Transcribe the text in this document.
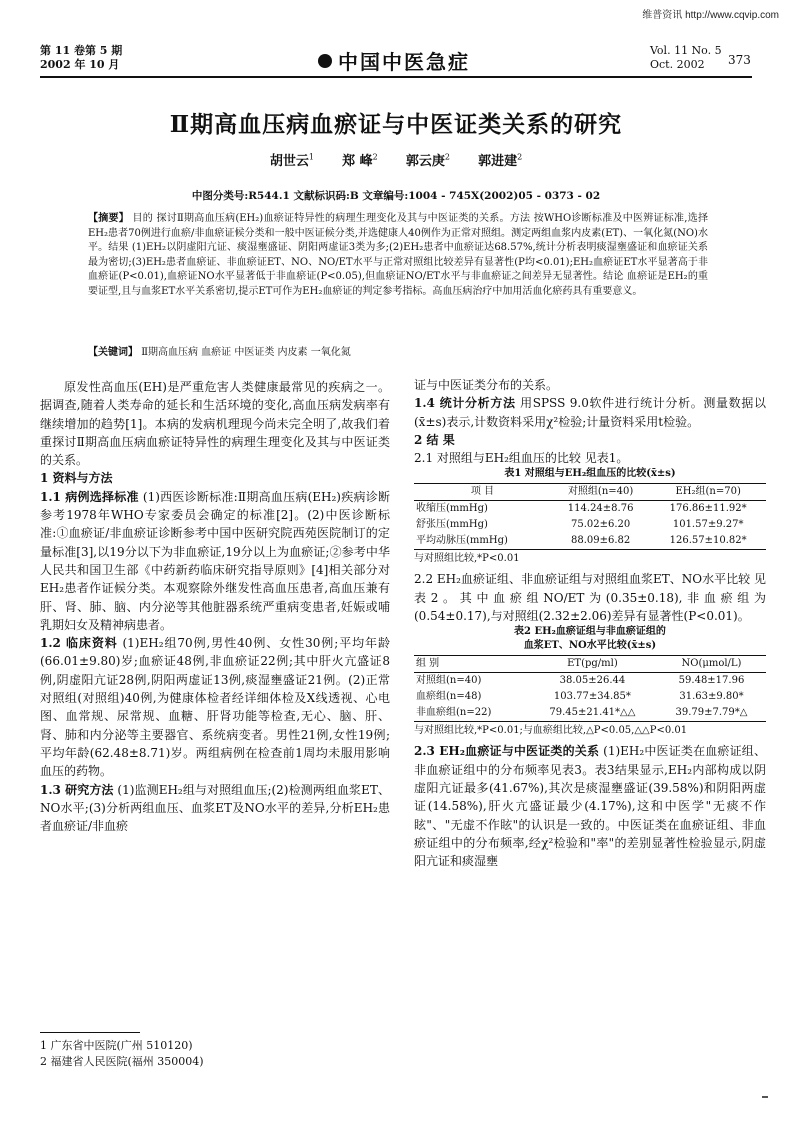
维普资讯 http://www.cqvip.com
第 11 卷第 5 期
2002 年 10 月	中国中医急症	Vol. 11 No. 5
Oct. 2002	373
Ⅱ期高血压病血瘀证与中医证类关系的研究
胡世云$^1$ 郑 峰$^2$ 郭云庚$^2$ 郭进建$^2$
中图分类号:R544.1 文献标识码:B 文章编号:1004 - 745X(2002)05 - 0373 - 02
【摘要】 目的 探讨Ⅱ期高血压病(EH₂)血瘀证特异性的病理生理变化及其与中医证类的关系。方法 按WHO诊断标准及中医辨证标准,选择EH₂患者70例进行血瘀/非血瘀证候分类和一般中医证候分类,并选健康人40例作为正常对照组。测定两组血浆内皮素(ET)、一氧化氮(NO)水平。结果 (1)EH₂以阴虚阳亢证、痰湿壅盛证、阴阳两虚证3类为多;(2)EH₂患者中血瘀证达68.57%,统计分析表明痰湿壅盛证和血瘀证关系最为密切;(3)EH₂患者血瘀证、非血瘀证ET、NO、NO/ET水平与正常对照组比较差异有显著性(P均<0.01);EH₂血瘀证ET水平显著高于非血瘀证(P<0.01),血瘀证NO水平显著低于非血瘀证(P<0.05),但血瘀证NO/ET水平与非血瘀证之间差异无显著性。结论 血瘀证是EH₂的重要证型,且与血浆ET水平关系密切,提示ET可作为EH₂血瘀证的判定参考指标。高血压病治疗中加用活血化瘀药具有重要意义。
【关键词】 Ⅱ期高血压病 血瘀证 中医证类 内皮素 一氧化氮

原发性高血压(EH)是严重危害人类健康最常见的疾病之一。据调查,随着人类寿命的延长和生活环境的变化,高血压病发病率有继续增加的趋势[1]。本病的发病机理现今尚未完全明了,故我们着重探讨Ⅱ期高血压病血瘀证特异性的病理生理变化及其与中医证类的关系。

1 资料与方法

1.1 病例选择标准 (1)西医诊断标准:Ⅱ期高血压病(EH₂)疾病诊断参考1978年WHO专家委员会确定的标准[2]。(2)中医诊断标准:①血瘀证/非血瘀证诊断参考中国中医研究院西苑医院制订的定量标准[3],以19分以下为非血瘀证,19分以上为血瘀证;②参考中华人民共和国卫生部《中药新药临床研究指导原则》[4]相关部分对EH₂患者作证候分类。本观察除外继发性高血压患者,高血压兼有肝、肾、肺、脑、内分泌等其他脏器系统严重病变患者,妊娠或哺乳期妇女及精神病患者。

1.2 临床资料 (1)EH₂组70例,男性40例、女性30例;平均年龄(66.01±9.80)岁;血瘀证48例,非血瘀证22例;其中肝火亢盛证8例,阴虚阳亢证28例,阴阳两虚证13例,痰湿壅盛证21例。(2)正常对照组(对照组)40例,为健康体检者经详细体检及X线透视、心电图、血常规、尿常规、血糖、肝肾功能等检查,无心、脑、肝、肾、肺和内分泌等主要器官、系统病变者。男性21例,女性19例;平均年龄(62.48±8.71)岁。两组病例在检查前1周均未服用影响血压的药物。

1.3 研究方法 (1)监测EH₂组与对照组血压;(2)检测两组血浆ET、NO水平;(3)分析两组血压、血浆ET及NO水平的差异,分析EH₂患者血瘀证/非血瘀

证与中医证类分布的关系。

1.4 统计分析方法 用SPSS 9.0软件进行统计分析。测量数据以(x̄±s)表示,计数资料采用χ²检验;计量资料采用t检验。

2 结 果

2.1 对照组与EH₂组血压的比较 见表1。

表1 对照组与EH₂组血压的比较(x̄±s)
项 目	对照组(n=40)	EH₂组(n=70)
收缩压(mmHg)	114.24±8.76	176.86±11.92*
舒张压(mmHg)	75.02±6.20	101.57±9.27*
平均动脉压(mmHg)	88.09±6.82	126.57±10.82*
与对照组比较,*P<0.01

2.2 EH₂血瘀证组、非血瘀证组与对照组血浆ET、NO水平比较 见表2。其中血瘀组NO/ET为(0.35±0.18),非血瘀组为(0.54±0.17),与对照组(2.32±2.06)差异有显著性(P<0.01)。

表2 EH₂血瘀证组与非血瘀证组的
血浆ET、NO水平比较(x̄±s)
组 别	ET(pg/ml)	NO(μmol/L)
对照组(n=40)	38.05±26.44	59.48±17.96
血瘀组(n=48)	103.77±34.85*	31.63±9.80*
非血瘀组(n=22)	79.45±21.41*△△	39.79±7.79*△
与对照组比较,*P<0.01;与血瘀组比较,△P<0.05,△△P<0.01

2.3 EH₂血瘀证与中医证类的关系 (1)EH₂中医证类在血瘀证组、非血瘀证组中的分布频率见表3。表3结果显示,EH₂内部构成以阴虚阳亢证最多(41.67%),其次是痰湿壅盛证(39.58%)和阴阳两虚证(14.58%),肝火亢盛证最少(4.17%),这和中医学"无痰不作眩"、"无虚不作眩"的认识是一致的。中医证类在血瘀证组、非血瘀证组中的分布频率,经χ²检验和"率"的差别显著性检验显示,阴虚阳亢证和痰湿壅

1 广东省中医院(广州 510120)
2 福建省人民医院(福州 350004)
